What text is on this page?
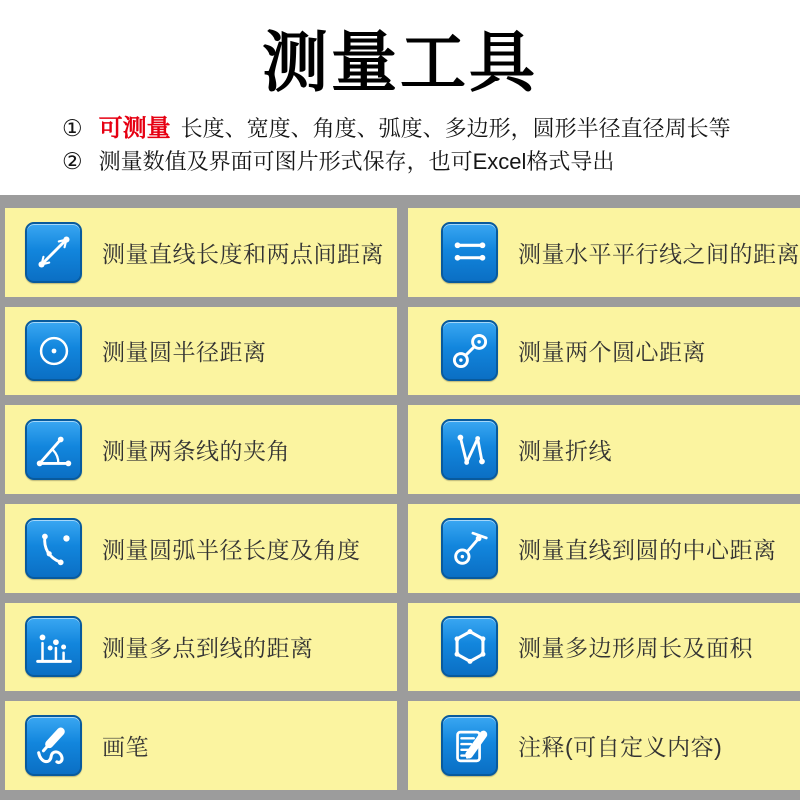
测量工具
① 可测量 长度、宽度、角度、弧度、多边形，圆形半径直径周长等
② 测量数值及界面可图片形式保存，也可Excel格式导出
测量直线长度和两点间距离	测量水平平行线之间的距离
测量圆半径距离	测量两个圆心距离
测量两条线的夹角	测量折线
测量圆弧半径长度及角度	测量直线到圆的中心距离
测量多点到线的距离	测量多边形周长及面积
画笔	注释(可自定义内容)
